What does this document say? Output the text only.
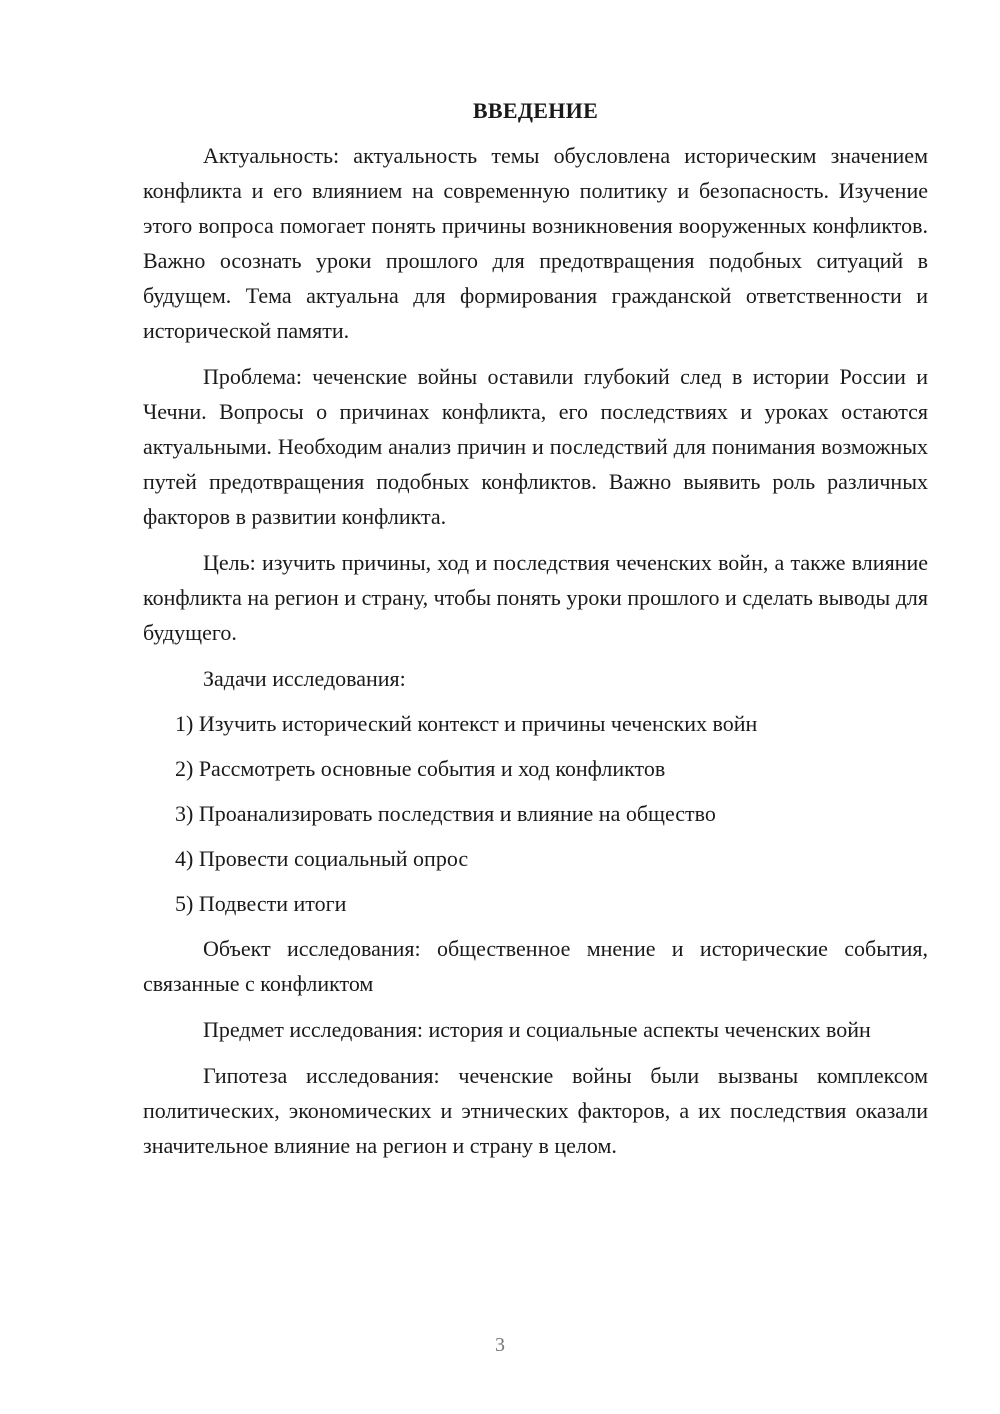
ВВЕДЕНИЕ

Актуальность: актуальность темы обусловлена историческим значением конфликта и его влиянием на современную политику и безопасность. Изучение этого вопроса помогает понять причины возникновения вооруженных конфликтов. Важно осознать уроки прошлого для предотвращения подобных ситуаций в будущем. Тема актуальна для формирования гражданской ответственности и исторической памяти.

Проблема: чеченские войны оставили глубокий след в истории России и Чечни. Вопросы о причинах конфликта, его последствиях и уроках остаются актуальными. Необходим анализ причин и последствий для понимания возможных путей предотвращения подобных конфликтов. Важно выявить роль различных факторов в развитии конфликта.

Цель: изучить причины, ход и последствия чеченских войн, а также влияние конфликта на регион и страну, чтобы понять уроки прошлого и сделать выводы для будущего.

Задачи исследования:

1) Изучить исторический контекст и причины чеченских войн
2) Рассмотреть основные события и ход конфликтов
3) Проанализировать последствия и влияние на общество
4) Провести социальный опрос
5) Подвести итоги

Объект исследования: общественное мнение и исторические события, связанные с конфликтом

Предмет исследования: история и социальные аспекты чеченских войн

Гипотеза исследования: чеченские войны были вызваны комплексом политических, экономических и этнических факторов, а их последствия оказали значительное влияние на регион и страну в целом.

3
